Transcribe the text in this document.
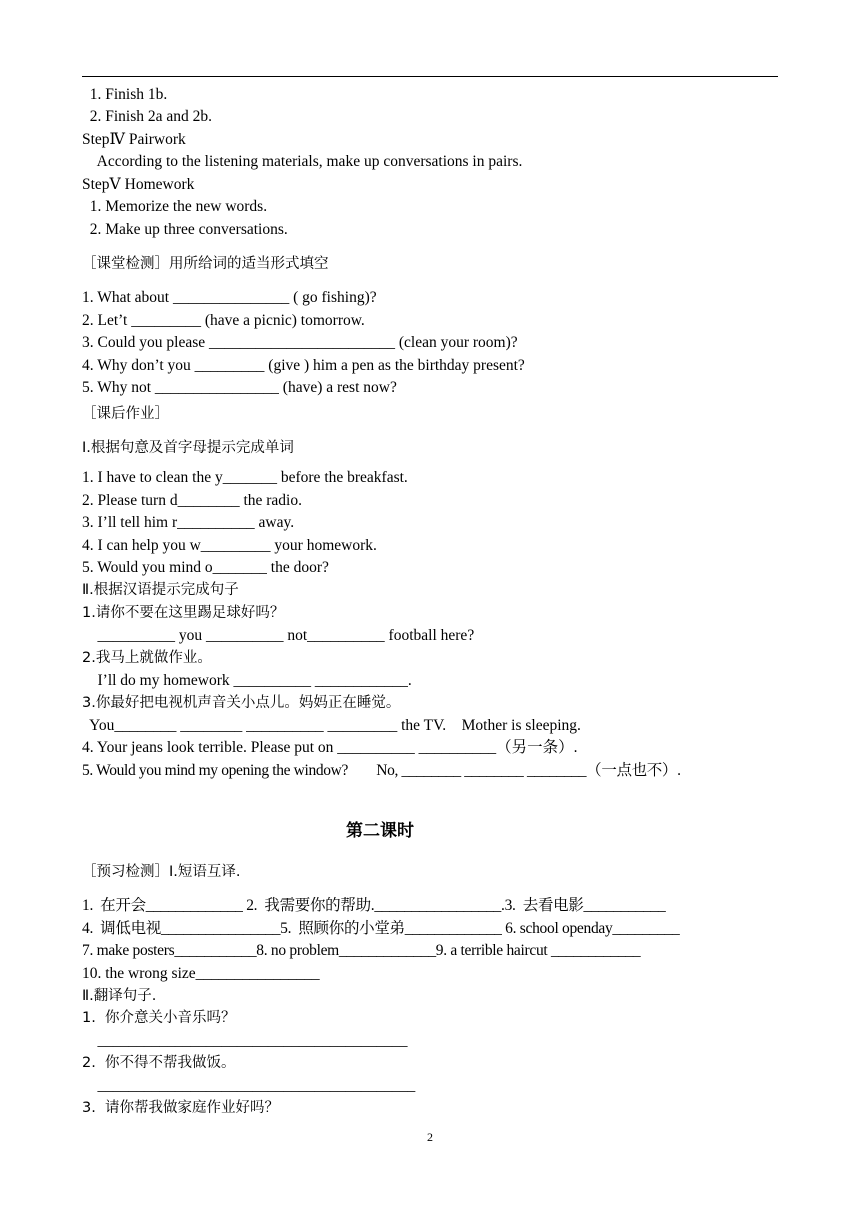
1. Finish 1b.
2. Finish 2a and 2b.
StepⅣ Pairwork
According to the listening materials, make up conversations in pairs.
StepⅤ Homework
1. Memorize the new words.
2. Make up three conversations.
［课堂检测］用所给词的适当形式填空
1. What about _______________ ( go fishing)?
2. Let’t _________ (have a picnic) tomorrow.
3. Could you please ________________________ (clean your room)?
4. Why don’t you _________ (give ) him a pen as the birthday present?
5. Why not ________________ (have) a rest now?
［课后作业］
Ⅰ.根据句意及首字母提示完成单词
1. I have to clean the y_______ before the breakfast.
2. Please turn d________ the radio.
3. I’ll tell him r__________ away.
4. I can help you w_________ your homework.
5. Would you mind o_______ the door?
Ⅱ.根据汉语提示完成句子
1.请你不要在这里踢足球好吗？
__________ you __________ not__________ football here?
2.我马上就做作业。
I’ll do my homework __________ ____________.
3.你最好把电视机声音关小点儿。妈妈正在睡觉。
You________ ________ __________ _________ the TV.    Mother is sleeping.
4. Your jeans look terrible. Please put on __________ __________（另一条）.
5. Would you mind my opening the window?        No, ________ ________ ________（一点也不）.
第二课时
［预习检测］Ⅰ.短语互译.
1.  在开会_____________ 2.  我需要你的帮助._________________.3.  去看电影___________
4.  调低电视________________5.  照顾你的小堂弟_____________ 6. school openday_________
7. make posters___________8. no problem_____________9. a terrible haircut ____________
10. the wrong size________________
Ⅱ.翻译句子.
1.  你介意关小音乐吗？
________________________________________
2.  你不得不帮我做饭。
_________________________________________
3.  请你帮我做家庭作业好吗？
2
